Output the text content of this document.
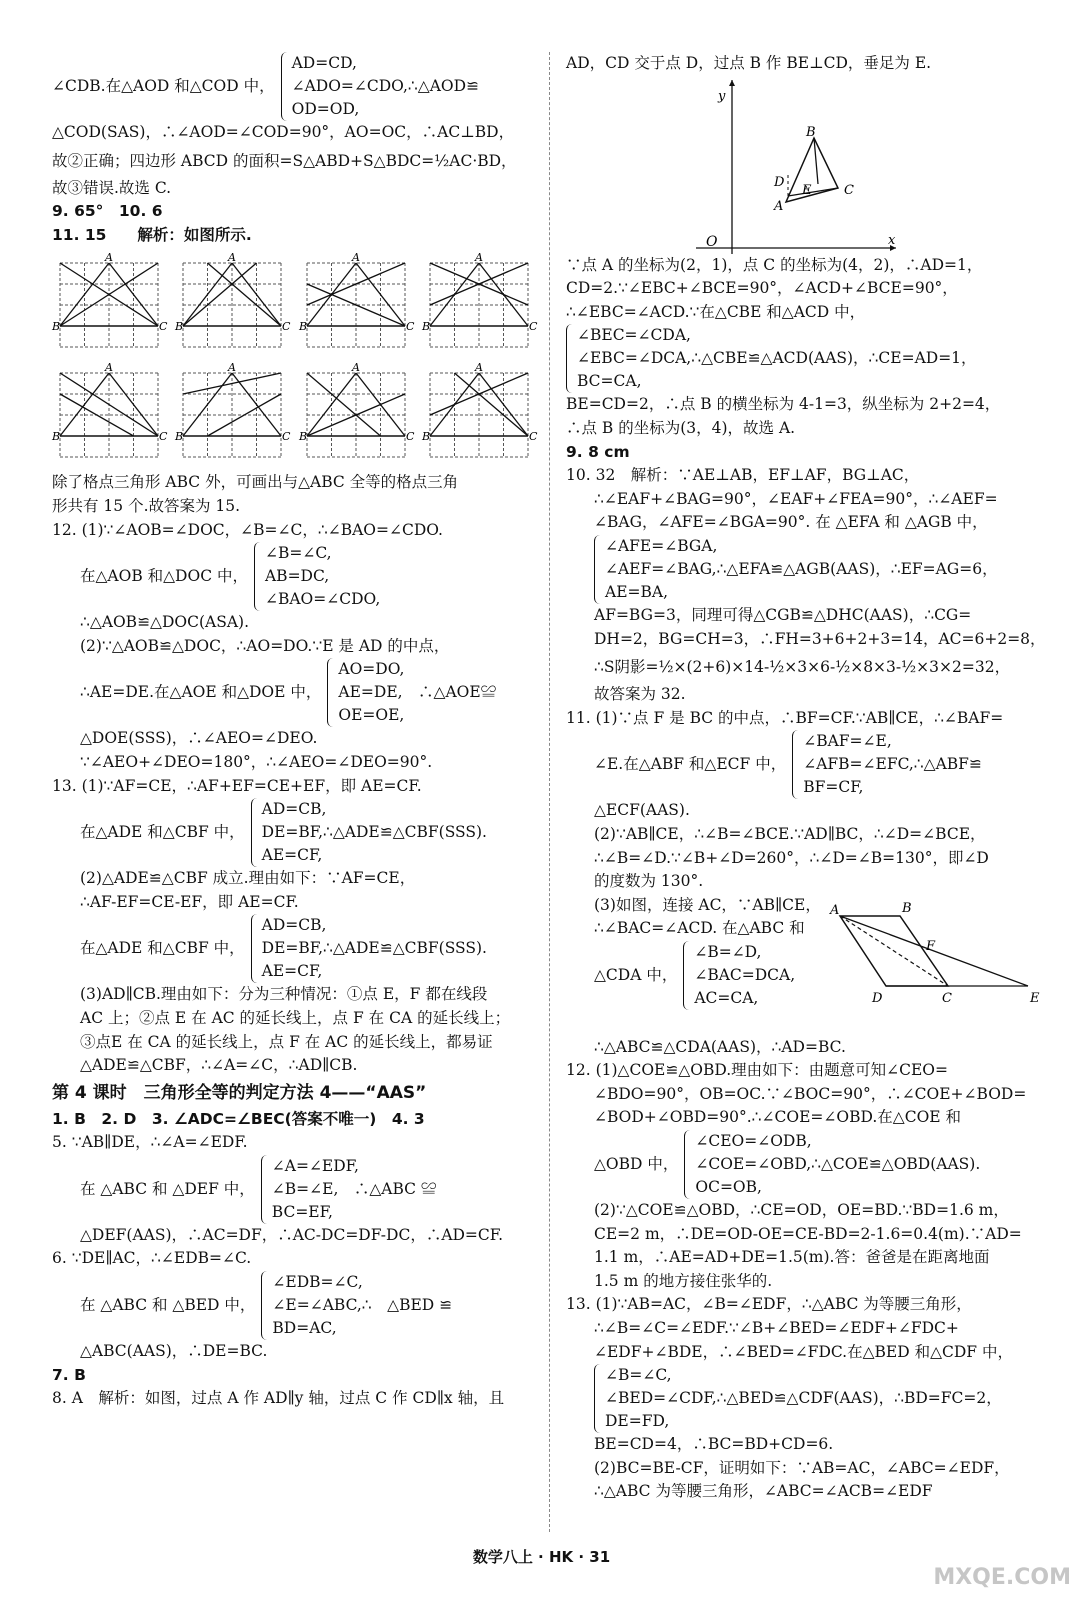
∠CDB.在△AOD 和△COD 中，
AD=CD,
∠ADO=∠CDO,∴△AOD≌
OD=OD,
△COD(SAS)，∴∠AOD=∠COD=90°，AO=OC，∴AC⊥BD，
故②正确；四边形 ABCD 的面积=S△ABD+S△BDC=½AC·BD，
故③错误.故选 C.
9. 65°　10. 6
11. 15　　解析：如图所示.
A
B	C
A
B	C
A
B	C
A
B	C
A
B	C
A
B	C
A
B	C
A
B	C
除了格点三角形 ABC 外，可画出与△ABC 全等的格点三角
形共有 15 个.故答案为 15.
12. (1)∵∠AOB=∠DOC，∠B=∠C，∴∠BAO=∠CDO.
在△AOB 和△DOC 中，
∠B=∠C,
AB=DC,
∠BAO=∠CDO,
∴△AOB≌△DOC(ASA).
(2)∵△AOB≌△DOC，∴AO=DO.∵E 是 AD 的中点，
∴AE=DE.在△AOE 和△DOE 中，
AO=DO,
AE=DE,　∴△AOE≌
OE=OE,
△DOE(SSS)，∴∠AEO=∠DEO.
∵∠AEO+∠DEO=180°，∴∠AEO=∠DEO=90°.
13. (1)∵AF=CE，∴AF+EF=CE+EF，即 AE=CF.
在△ADE 和△CBF 中，
AD=CB,
DE=BF,∴△ADE≌△CBF(SSS).
AE=CF,
(2)△ADE≌△CBF 成立.理由如下：∵AF=CE，
∴AF-EF=CE-EF，即 AE=CF.
在△ADE 和△CBF 中，
AD=CB,
DE=BF,∴△ADE≌△CBF(SSS).
AE=CF,
(3)AD∥CB.理由如下：分为三种情况：①点 E，F 都在线段
AC 上；②点 E 在 AC 的延长线上，点 F 在 CA 的延长线上；
③点E 在 CA 的延长线上，点 F 在 AC 的延长线上，都易证
△ADE≌△CBF，∴∠A=∠C，∴AD∥CB.
第 4 课时　三角形全等的判定方法 4——“AAS”
1. B　2. D　3. ∠ADC=∠BEC(答案不唯一)　4. 3
5. ∵AB∥DE，∴∠A=∠EDF.
在 △ABC 和 △DEF 中，
∠A=∠EDF,
∠B=∠E,　∴△ABC ≌
BC=EF,
△DEF(AAS)，∴AC=DF，∴AC-DC=DF-DC，∴AD=CF.
6. ∵DE∥AC，∴∠EDB=∠C.
在 △ABC 和 △BED 中，
∠EDB=∠C,
∠E=∠ABC,∴　△BED ≌
BD=AC,
△ABC(AAS)，∴DE=BC.
7. B
8. A　解析：如图，过点 A 作 AD∥y 轴，过点 C 作 CD∥x 轴，且
AD，CD 交于点 D，过点 B 作 BE⊥CD，垂足为 E.
y
x
O
A
B
C
D
E
∵点 A 的坐标为(2，1)，点 C 的坐标为(4，2)，∴AD=1，
CD=2.∵∠EBC+∠BCE=90°，∠ACD+∠BCE=90°，
∴∠EBC=∠ACD.∵在△CBE 和△ACD 中，
∠BEC=∠CDA,
∠EBC=∠DCA,∴△CBE≌△ACD(AAS)，∴CE=AD=1，
BC=CA,
BE=CD=2，∴点 B 的横坐标为 4-1=3，纵坐标为 2+2=4，
∴点 B 的坐标为(3，4)，故选 A.
9. 8 cm
10. 32　解析：∵AE⊥AB，EF⊥AF，BG⊥AC，
∴∠EAF+∠BAG=90°，∠EAF+∠FEA=90°，∴∠AEF=
∠BAG，∠AFE=∠BGA=90°. 在 △EFA 和 △AGB 中，
∠AFE=∠BGA,
∠AEF=∠BAG,∴△EFA≌△AGB(AAS)，∴EF=AG=6，
AE=BA,
AF=BG=3，同理可得△CGB≌△DHC(AAS)，∴CG=
DH=2，BG=CH=3，∴FH=3+6+2+3=14，AC=6+2=8，
∴S阴影=½×(2+6)×14-½×3×6-½×8×3-½×3×2=32，
故答案为 32.
11. (1)∵点 F 是 BC 的中点，∴BF=CF.∵AB∥CE，∴∠BAF=
∠E.在△ABF 和△ECF 中，
∠BAF=∠E,
∠AFB=∠EFC,∴△ABF≌
BF=CF,
△ECF(AAS).
(2)∵AB∥CE，∴∠B=∠BCE.∵AD∥BC，∴∠D=∠BCE，
∴∠B=∠D.∵∠B+∠D=260°，∴∠D=∠B=130°，即∠D
的度数为 130°.
(3)如图，连接 AC，∵AB∥CE，
∴∠BAC=∠ACD. 在△ABC 和
△CDA 中，
∠B=∠D,
∠BAC=DCA,
AC=CA,
A	B
F
D	C	E
∴△ABC≌△CDA(AAS)，∴AD=BC.
12. (1)△COE≌△OBD.理由如下：由题意可知∠CEO=
∠BDO=90°，OB=OC.∵∠BOC=90°，∴∠COE+∠BOD=
∠BOD+∠OBD=90°.∴∠COE=∠OBD.在△COE 和
△OBD 中，
∠CEO=∠ODB,
∠COE=∠OBD,∴△COE≌△OBD(AAS).
OC=OB,
(2)∵△COE≌△OBD，∴CE=OD，OE=BD.∵BD=1.6 m，
CE=2 m，∴DE=OD-OE=CE-BD=2-1.6=0.4(m).∵AD=
1.1 m，∴AE=AD+DE=1.5(m).答：爸爸是在距离地面
1.5 m 的地方接住张华的.
13. (1)∵AB=AC，∠B=∠EDF，∴△ABC 为等腰三角形，
∴∠B=∠C=∠EDF.∵∠B+∠BED=∠EDF+∠FDC+
∠EDF+∠BDE，∴∠BED=∠FDC.在△BED 和△CDF 中，
∠B=∠C,
∠BED=∠CDF,∴△BED≌△CDF(AAS)，∴BD=FC=2，
DE=FD,
BE=CD=4，∴BC=BD+CD=6.
(2)BC=BE-CF，证明如下：∵AB=AC，∠ABC=∠EDF，
∴△ABC 为等腰三角形，∠ABC=∠ACB=∠EDF
数学八上 · HK · 31
MXQE.COM
